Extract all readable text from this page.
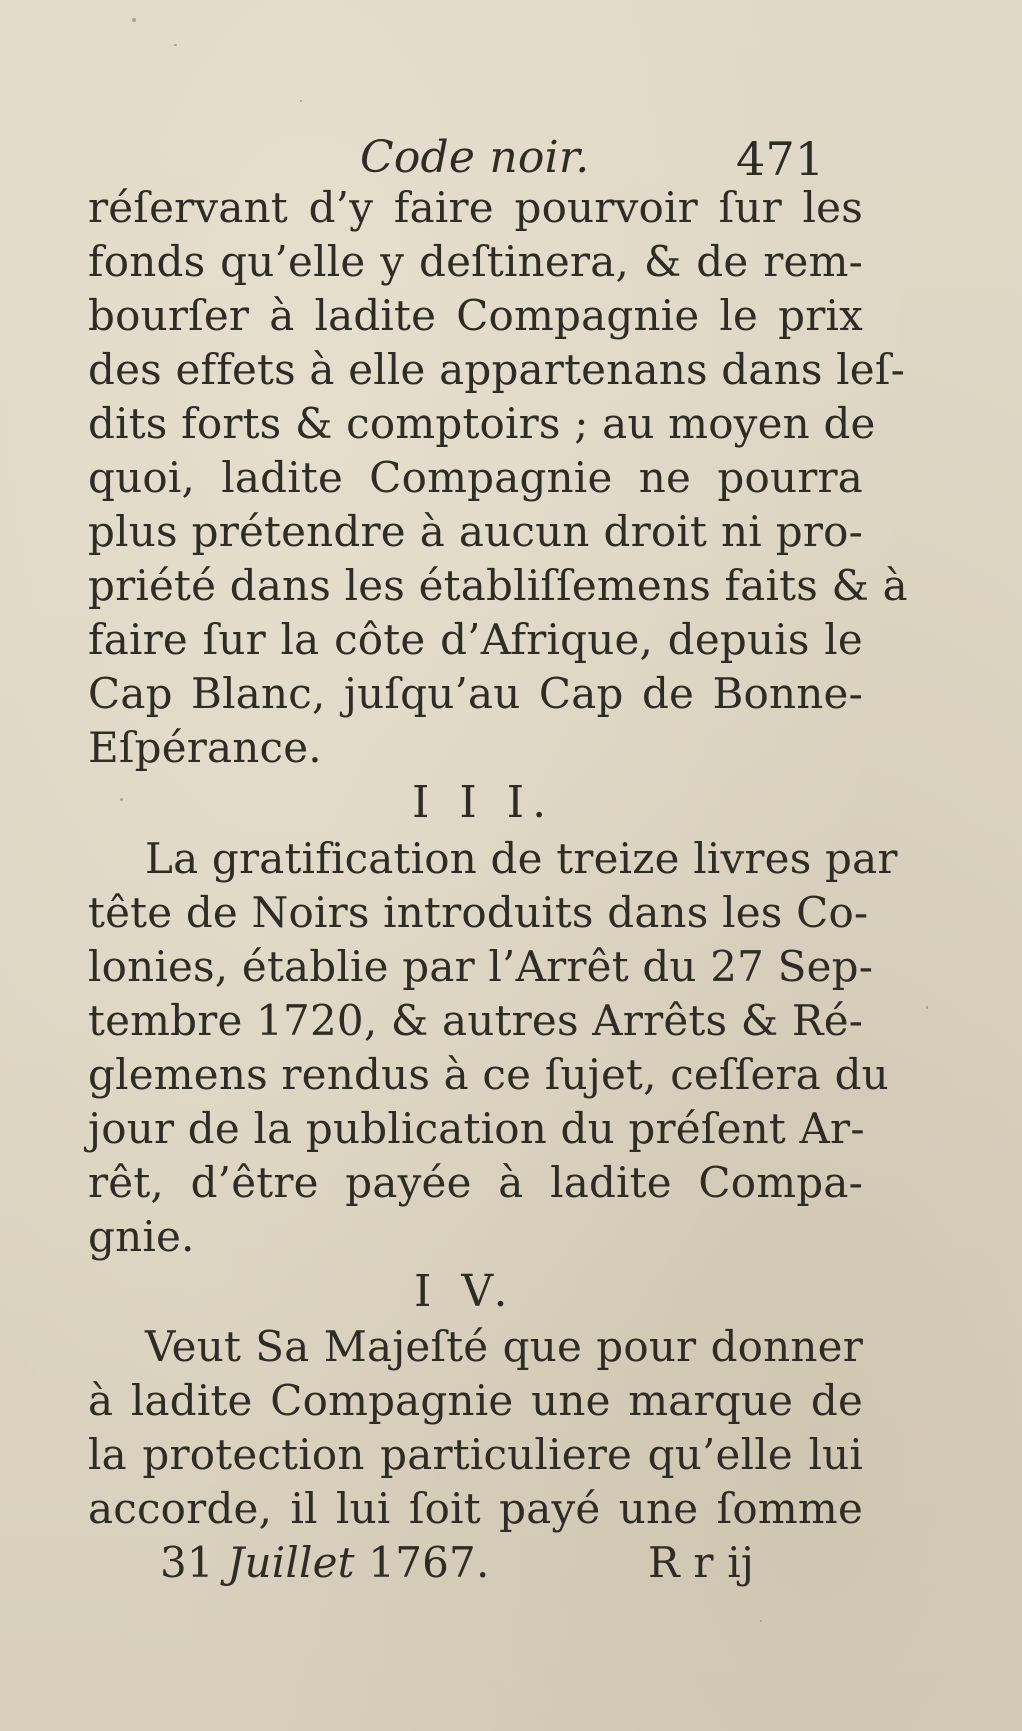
Code noir.	471
réſervant d’y faire pourvoir ſur les
fonds qu’elle y deſtinera, & de rem-
bourſer à ladite Compagnie le prix
des effets à elle appartenans dans leſ-
dits forts & comptoirs ; au moyen de
quoi, ladite Compagnie ne pourra
plus prétendre à aucun droit ni pro-
priété dans les établiſſemens faits & à
faire ſur la côte d’Afrique, depuis le
Cap Blanc, juſqu’au Cap de Bonne-
Eſpérance.
I I I.
La gratification de treize livres par
tête de Noirs introduits dans les Co-
lonies, établie par l’Arrêt du 27 Sep-
tembre 1720, & autres Arrêts & Ré-
glemens rendus à ce ſujet, ceſſera du
jour de la publication du préſent Ar-
rêt, d’être payée à ladite Compa-
gnie.
I V.
Veut Sa Majeſté que pour donner
à ladite Compagnie une marque de
la protection particuliere qu’elle lui
accorde, il lui ſoit payé une ſomme
31 Juillet 1767.	R r ij
